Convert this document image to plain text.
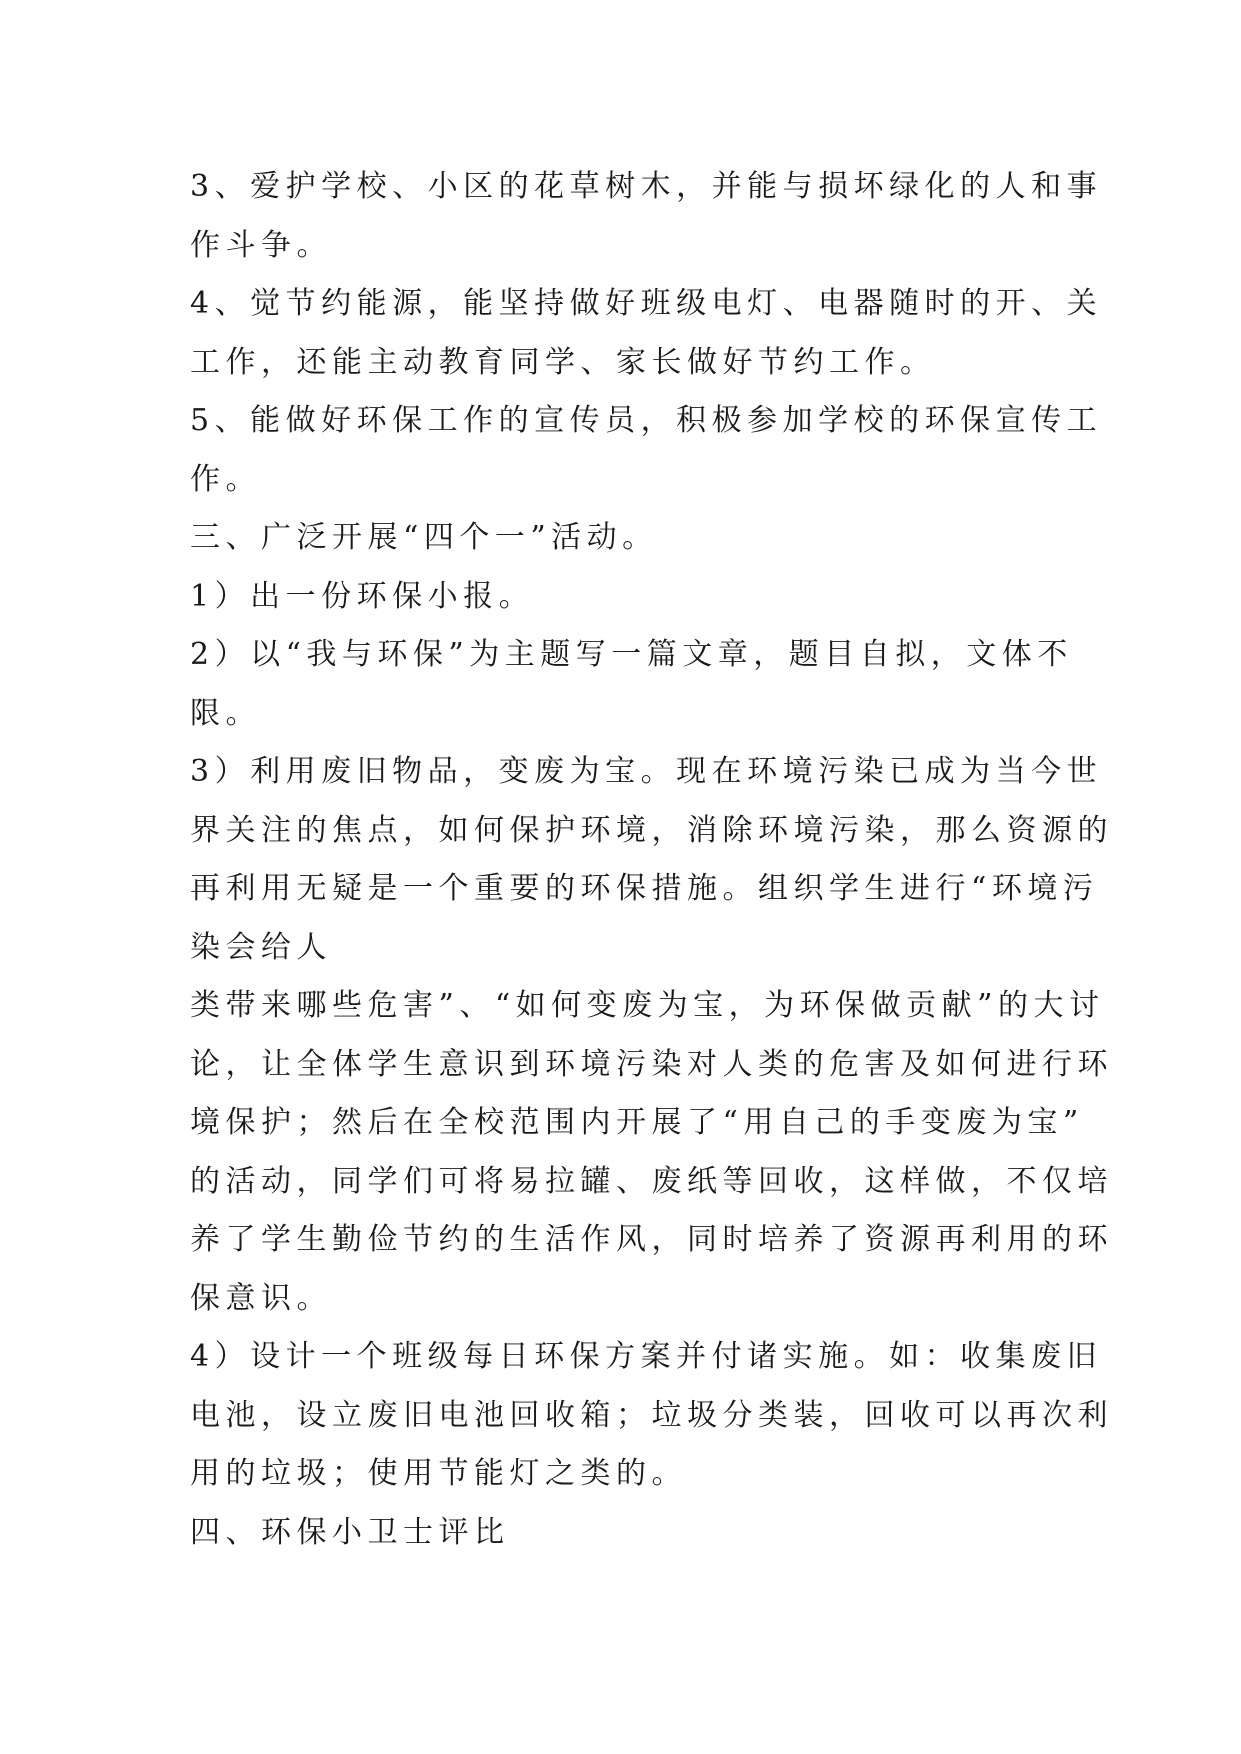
3、爱护学校、小区的花草树木，并能与损坏绿化的人和事
作斗争。
4、觉节约能源，能坚持做好班级电灯、电器随时的开、关
工作，还能主动教育同学、家长做好节约工作。
5、能做好环保工作的宣传员，积极参加学校的环保宣传工
作。
三、广泛开展“四个一”活动。
1）出一份环保小报。
2）以“我与环保”为主题写一篇文章，题目自拟，文体不
限。
3）利用废旧物品，变废为宝。现在环境污染已成为当今世
界关注的焦点，如何保护环境，消除环境污染，那么资源的
再利用无疑是一个重要的环保措施。组织学生进行“环境污
染会给人
类带来哪些危害”、“如何变废为宝，为环保做贡献”的大讨
论，让全体学生意识到环境污染对人类的危害及如何进行环
境保护；然后在全校范围内开展了“用自己的手变废为宝”
的活动，同学们可将易拉罐、废纸等回收，这样做，不仅培
养了学生勤俭节约的生活作风，同时培养了资源再利用的环
保意识。
4）设计一个班级每日环保方案并付诸实施。如：收集废旧
电池，设立废旧电池回收箱；垃圾分类装，回收可以再次利
用的垃圾；使用节能灯之类的。
四、环保小卫士评比
